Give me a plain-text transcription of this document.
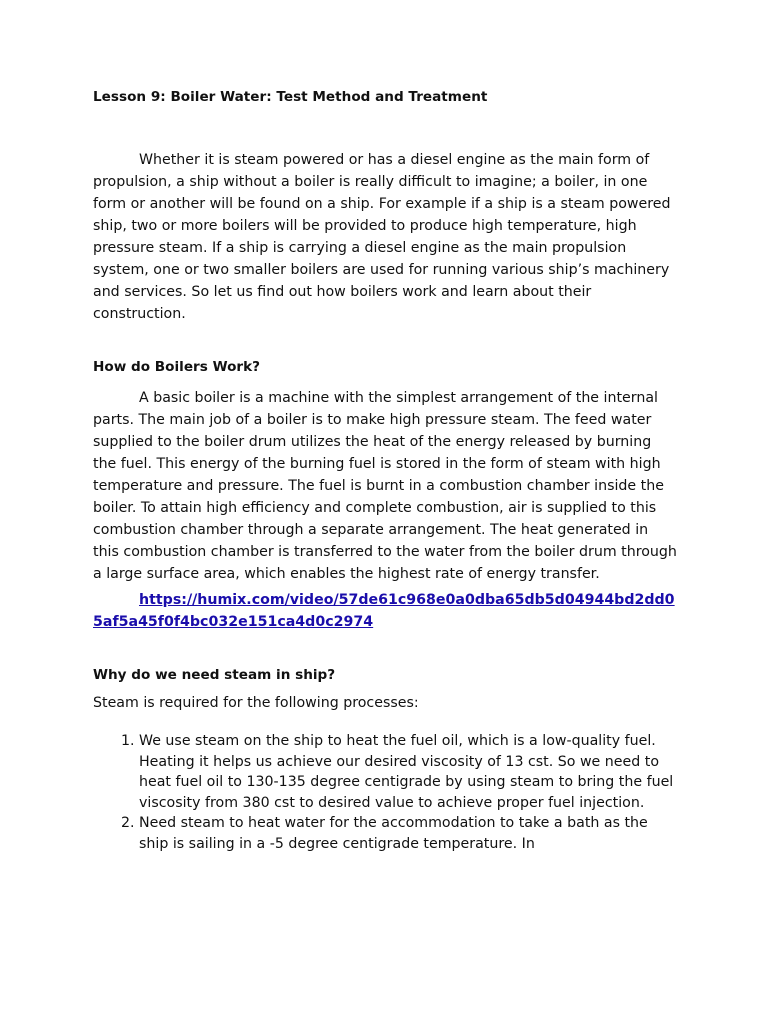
Lesson 9: Boiler Water: Test Method and Treatment

Whether it is steam powered or has a diesel engine as the main form of propulsion, a ship without a boiler is really difficult to imagine; a boiler, in one form or another will be found on a ship. For example if a ship is a steam powered ship, two or more boilers will be provided to produce high temperature, high pressure steam. If a ship is carrying a diesel engine as the main propulsion system, one or two smaller boilers are used for running various ship’s machinery and services. So let us find out how boilers work and learn about their construction.

How do Boilers Work?

A basic boiler is a machine with the simplest arrangement of the internal parts. The main job of a boiler is to make high pressure steam. The feed water supplied to the boiler drum utilizes the heat of the energy released by burning the fuel. This energy of the burning fuel is stored in the form of steam with high temperature and pressure. The fuel is burnt in a combustion chamber inside the boiler. To attain high efficiency and complete combustion, air is supplied to this combustion chamber through a separate arrangement. The heat generated in this combustion chamber is transferred to the water from the boiler drum through a large surface area, which enables the highest rate of energy transfer.

https://humix.com/video/57de61c968e0a0dba65db5d04944bd2dd05af5a45f0f4bc032e151ca4d0c2974

Why do we need steam in ship?

Steam is required for the following processes:

1. We use steam on the ship to heat the fuel oil, which is a low-quality fuel. Heating it helps us achieve our desired viscosity of 13 cst. So we need to heat fuel oil to 130-135 degree centigrade by using steam to bring the fuel viscosity from 380 cst to desired value to achieve proper fuel injection.
2. Need steam to heat water for the accommodation to take a bath as the ship is sailing in a -5 degree centigrade temperature. In
